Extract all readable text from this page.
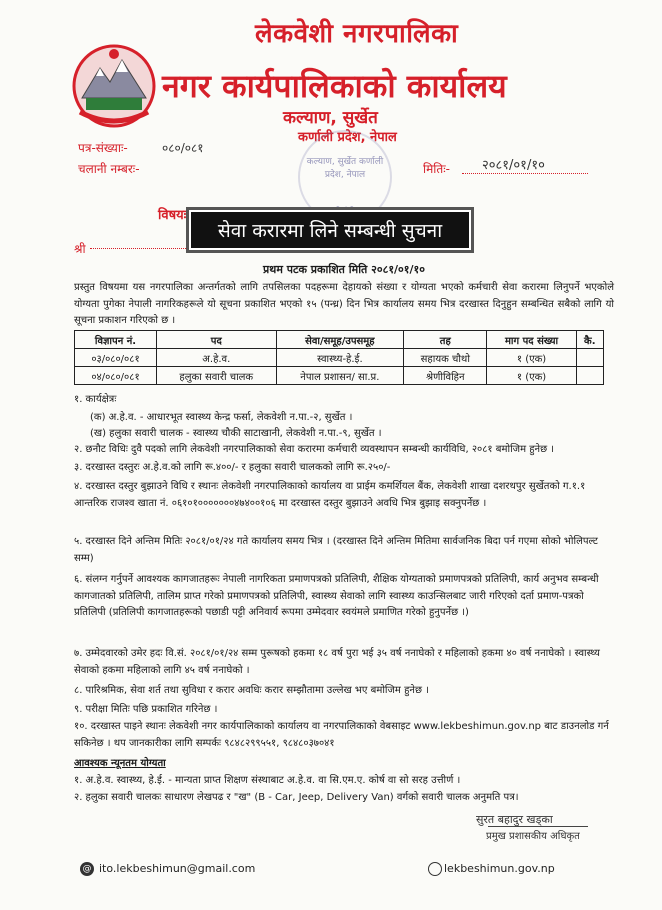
लेकवेशी नगरपालिका
नगर कार्यपालिकाको कार्यालय
कल्याण, सुर्खेत
कर्णाली प्रदेश, नेपाल
कल्याण, सुर्खेत कर्णाली प्रदेश, नेपाल
पत्र-संख्याः-	०८०/०८१
चलानी नम्बरः-	मितिः- २०८१/०१/१०
विषयः
सेवा करारमा लिने सम्बन्धी सुचना
श्री
प्रथम पटक प्रकाशित मिति २०८१/०१/१०
प्रस्तुत विषयमा यस नगरपालिका अन्तर्गतको लागि तपसिलका पदहरूमा देहायको संख्या र योग्यता भएको कर्मचारी सेवा करारमा लिनुपर्ने भएकोले योग्यता पुगेका नेपाली नागरिकहरूले यो सूचना प्रकाशित भएको १५ (पन्ध्र) दिन भित्र कार्यालय समय भित्र दरखास्त दिनुहुन सम्बन्धित सबैको लागि यो सूचना प्रकाशन गरिएको छ ।
विज्ञापन नं.	पद	सेवा/समूह/उपसमूह	तह	माग पद संख्या	कै.
०३/०८०/०८१	अ.हे.व.	स्वास्थ्य-हे.ई.	सहायक चौथो	१ (एक)	
०४/०८०/०८१	हलुका सवारी चालक	नेपाल प्रशासन/ सा.प्र.	श्रेणीविहिन	१ (एक)	
१. कार्यक्षेत्रः
(क) अ.हे.व. - आधारभूत स्वास्थ्य केन्द्र फर्सा, लेकवेशी न.पा.-२, सुर्खेत ।
(ख) हलुका सवारी चालक - स्वास्थ्य चौकी साटाखानी, लेकवेशी न.पा.-९, सुर्खेत ।
२. छनौट विधिः दुवै पदको लागि लेकवेशी नगरपालिकाको सेवा करारमा कर्मचारी व्यवस्थापन सम्बन्धी कार्यविधि, २०८१ बमोजिम हुनेछ ।
३. दरखास्त दस्तुरः अ.हे.व.को लागि रू.४००/- र हलुका सवारी चालकको लागि रू.२५०/-
४. दरखास्त दस्तुर बुझाउने विधि र स्थानः लेकवेशी नगरपालिकाको कार्यालय वा प्राईम कमर्शियल बैंक, लेकवेशी शाखा दशरथपुर सुर्खेतको ग.१.१ आन्तरिक राजश्व खाता नं. ०६१०१०००००००४७४००१०६ मा दरखास्त दस्तुर बुझाउने अवधि भित्र बुझाइ सक्नुपर्नेछ ।
५. दरखास्त दिने अन्तिम मितिः २०८१/०१/२४ गते कार्यालय समय भित्र । (दरखास्त दिने अन्तिम मितिमा सार्वजनिक बिदा पर्न गएमा सोको भोलिपल्ट सम्म)
६. संलग्न गर्नुपर्ने आवश्यक कागजातहरूः नेपाली नागरिकता प्रमाणपत्रको प्रतिलिपी, शैक्षिक योग्यताको प्रमाणपत्रको प्रतिलिपी, कार्य अनुभव सम्बन्धी कागजातको प्रतिलिपी, तालिम प्राप्त गरेको प्रमाणपत्रको प्रतिलिपी, स्वास्थ्य सेवाको लागि स्वास्थ्य काउन्सिलबाट जारी गरिएको दर्ता प्रमाण-पत्रको प्रतिलिपी (प्रतिलिपी कागजातहरूको पछाडी पट्टी अनिवार्य रूपमा उम्मेदवार स्वयंमले प्रमाणित गरेको हुनुपर्नेछ ।)
७. उम्मेदवारको उमेर हदः वि.सं. २०८१/०१/२४ सम्म पुरूषको हकमा १८ वर्ष पुरा भई ३५ वर्ष ननाघेको र महिलाको हकमा ४० वर्ष ननाघेको । स्वास्थ्य सेवाको हकमा महिलाको लागि ४५ वर्ष ननाघेको ।
८. पारिश्रमिक, सेवा शर्त तथा सुविधा र करार अवधिः करार सम्झौतामा उल्लेख भए बमोजिम हुनेछ ।
९. परीक्षा मितिः पछि प्रकाशित गरिनेछ ।
१०. दरखास्त पाइने स्थानः लेकवेशी नगर कार्यपालिकाको कार्यालय वा नगरपालिकाको वेबसाइट www.lekbeshimun.gov.np बाट डाउनलोड गर्न सकिनेछ । थप जानकारीका लागि सम्पर्कः ९८४८२९९५५१, ९८४८०३७०४१
आवश्यक न्यूनतम योग्यता
१. अ.हे.व. स्वास्थ्य, हे.ई. - मान्यता प्राप्त शिक्षण संस्थाबाट अ.हे.व. वा सि.एम.ए. कोर्ष वा सो सरह उत्तीर्ण ।
२. हलुका सवारी चालकः साधारण लेखपढ र "ख" (B - Car, Jeep, Delivery Van) वर्गको सवारी चालक अनुमति पत्र।
सुरत बहादुर खड्का
प्रमुख प्रशासकीय अधिकृत
@ ito.lekbeshimun@gmail.com	lekbeshimun.gov.np
